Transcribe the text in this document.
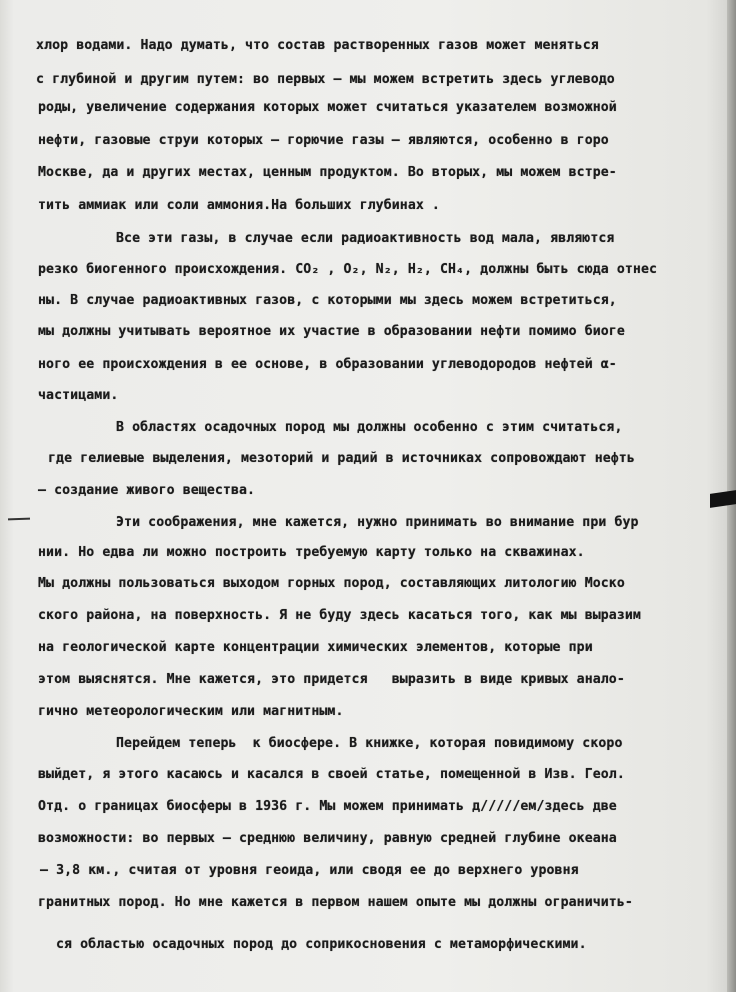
хлор водами. Надо думать, что состав растворенных газов может меняться
с глубиной и другим путем: во первых — мы можем встретить здесь углеводо
роды, увеличение содержания которых может считаться указателем возможной
нефти, газовые струи которых — горючие газы — являются, особенно в горо
Москве, да и других местах, ценным продуктом. Во вторых, мы можем встре-
тить аммиак или соли аммония.На больших глубинах .
Все эти газы, в случае если радиоактивность вод мала, являются
резко биогенного происхождения. CO₂ , O₂, N₂, H₂, CH₄, должны быть сюда отнес
ны. В случае радиоактивных газов, с которыми мы здесь можем встретиться,
мы должны учитывать вероятное их участие в образовании нефти помимо биоге
ного ее происхождения в ее основе, в образовании углеводородов нефтей α-
частицами.
В областях осадочных пород мы должны особенно с этим считаться,
где гелиевые выделения, мезоторий и радий в источниках сопровождают нефть
— создание живого вещества.
Эти соображения, мне кажется, нужно принимать во внимание при бур
нии. Но едва ли можно построить требуемую карту только на скважинах.
Мы должны пользоваться выходом горных пород, составляющих литологию Моско
ского района, на поверхность. Я не буду здесь касаться того, как мы выразим
на геологической карте концентрации химических элементов, которые при
этом выяснятся. Мне кажется, это придется   выразить в виде кривых анало-
гично метеорологическим или магнитным.
Перейдем теперь  к биосфере. В книжке, которая повидимому скоро
выйдет, я этого касаюсь и касался в своей статье, помещенной в Изв. Геол.
Отд. о границах биосферы в 1936 г. Мы можем принимать д/////ем/здесь две
возможности: во первых — среднюю величину, равную средней глубине океана
— 3,8 км., считая от уровня геоида, или сводя ее до верхнего уровня
гранитных пород. Но мне кажется в первом нашем опыте мы должны ограничить-
ся областью осадочных пород до соприкосновения с метаморфическими.
